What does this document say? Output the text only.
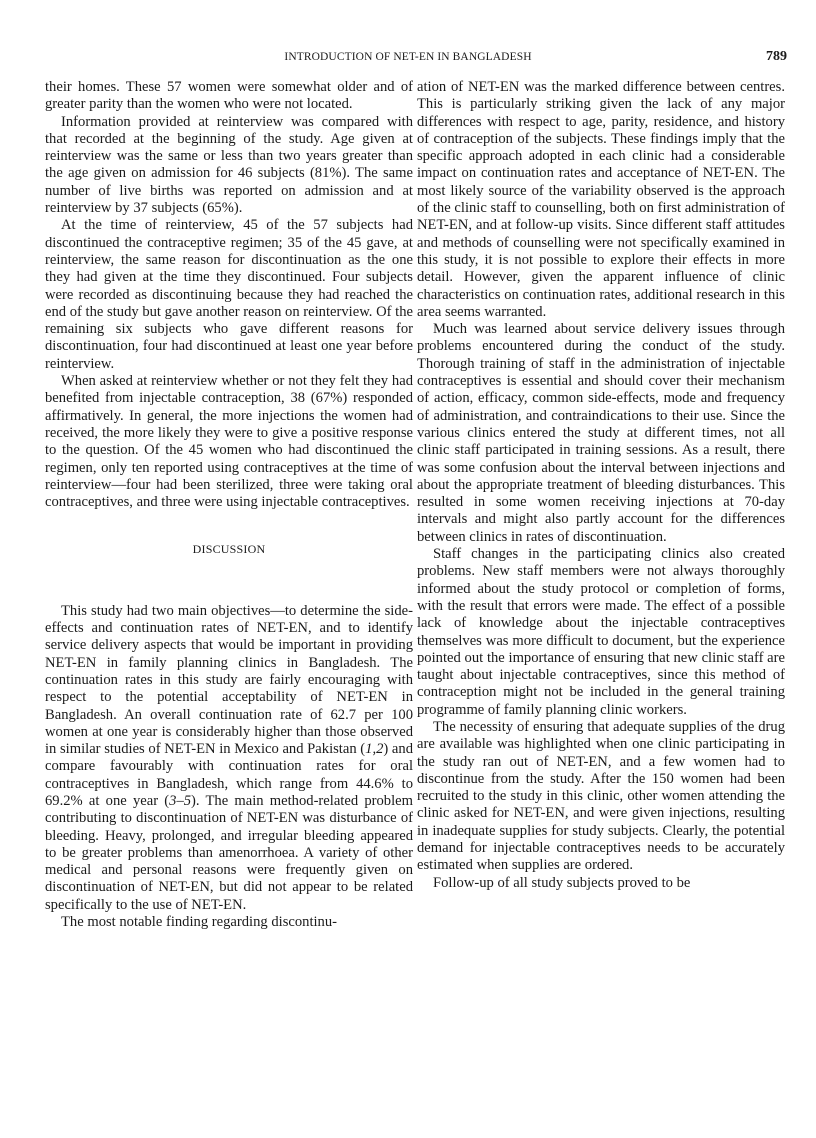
INTRODUCTION OF NET-EN IN BANGLADESH	789

their homes. These 57 women were somewhat older and of greater parity than the women who were not located.

Information provided at reinterview was compared with that recorded at the beginning of the study. Age given at reinterview was the same or less than two years greater than the age given on admission for 46 subjects (81%). The same number of live births was reported on admission and at reinterview by 37 subjects (65%).

At the time of reinterview, 45 of the 57 subjects had discontinued the contraceptive regimen; 35 of the 45 gave, at reinterview, the same reason for discontinuation as the one they had given at the time they discontinued. Four subjects were recorded as discontinuing because they had reached the end of the study but gave another reason on reinterview. Of the remaining six subjects who gave different reasons for discontinuation, four had discontinued at least one year before reinterview.

When asked at reinterview whether or not they felt they had benefited from injectable contraception, 38 (67%) responded affirmatively. In general, the more injections the women had received, the more likely they were to give a positive response to the question. Of the 45 women who had discontinued the regimen, only ten reported using contraceptives at the time of reinterview—four had been sterilized, three were taking oral contraceptives, and three were using injectable contraceptives.

DISCUSSION

This study had two main objectives—to determine the side-effects and continuation rates of NET-EN, and to identify service delivery aspects that would be important in providing NET-EN in family planning clinics in Bangladesh. The continuation rates in this study are fairly encouraging with respect to the potential acceptability of NET-EN in Bangladesh. An overall continuation rate of 62.7 per 100 women at one year is considerably higher than those observed in similar studies of NET-EN in Mexico and Pakistan (1,2) and compare favourably with continuation rates for oral contraceptives in Bangladesh, which range from 44.6% to 69.2% at one year (3–5). The main method-related problem contributing to discontinuation of NET-EN was disturbance of bleeding. Heavy, prolonged, and irregular bleeding appeared to be greater problems than amenorrhoea. A variety of other medical and personal reasons were frequently given on discontinuation of NET-EN, but did not appear to be related specifically to the use of NET-EN.

The most notable finding regarding discontinu-

ation of NET-EN was the marked difference between centres. This is particularly striking given the lack of any major differences with respect to age, parity, residence, and history of contraception of the subjects. These findings imply that the specific approach adopted in each clinic had a considerable impact on continuation rates and acceptance of NET-EN. The most likely source of the variability observed is the approach of the clinic staff to counselling, both on first administration of NET-EN, and at follow-up visits. Since different staff attitudes and methods of counselling were not specifically examined in this study, it is not possible to explore their effects in more detail. However, given the apparent influence of clinic characteristics on continuation rates, additional research in this area seems warranted.

Much was learned about service delivery issues through problems encountered during the conduct of the study. Thorough training of staff in the administration of injectable contraceptives is essential and should cover their mechanism of action, efficacy, common side-effects, mode and frequency of administration, and contraindications to their use. Since the various clinics entered the study at different times, not all clinic staff participated in training sessions. As a result, there was some confusion about the interval between injections and about the appropriate treatment of bleeding disturbances. This resulted in some women receiving injections at 70-day intervals and might also partly account for the differences between clinics in rates of discontinuation.

Staff changes in the participating clinics also created problems. New staff members were not always thoroughly informed about the study protocol or completion of forms, with the result that errors were made. The effect of a possible lack of knowledge about the injectable contraceptives themselves was more difficult to document, but the experience pointed out the importance of ensuring that new clinic staff are taught about injectable contraceptives, since this method of contraception might not be included in the general training programme of family planning clinic workers.

The necessity of ensuring that adequate supplies of the drug are available was highlighted when one clinic participating in the study ran out of NET-EN, and a few women had to discontinue from the study. After the 150 women had been recruited to the study in this clinic, other women attending the clinic asked for NET-EN, and were given injections, resulting in inadequate supplies for study subjects. Clearly, the potential demand for injectable contraceptives needs to be accurately estimated when supplies are ordered.

Follow-up of all study subjects proved to be
